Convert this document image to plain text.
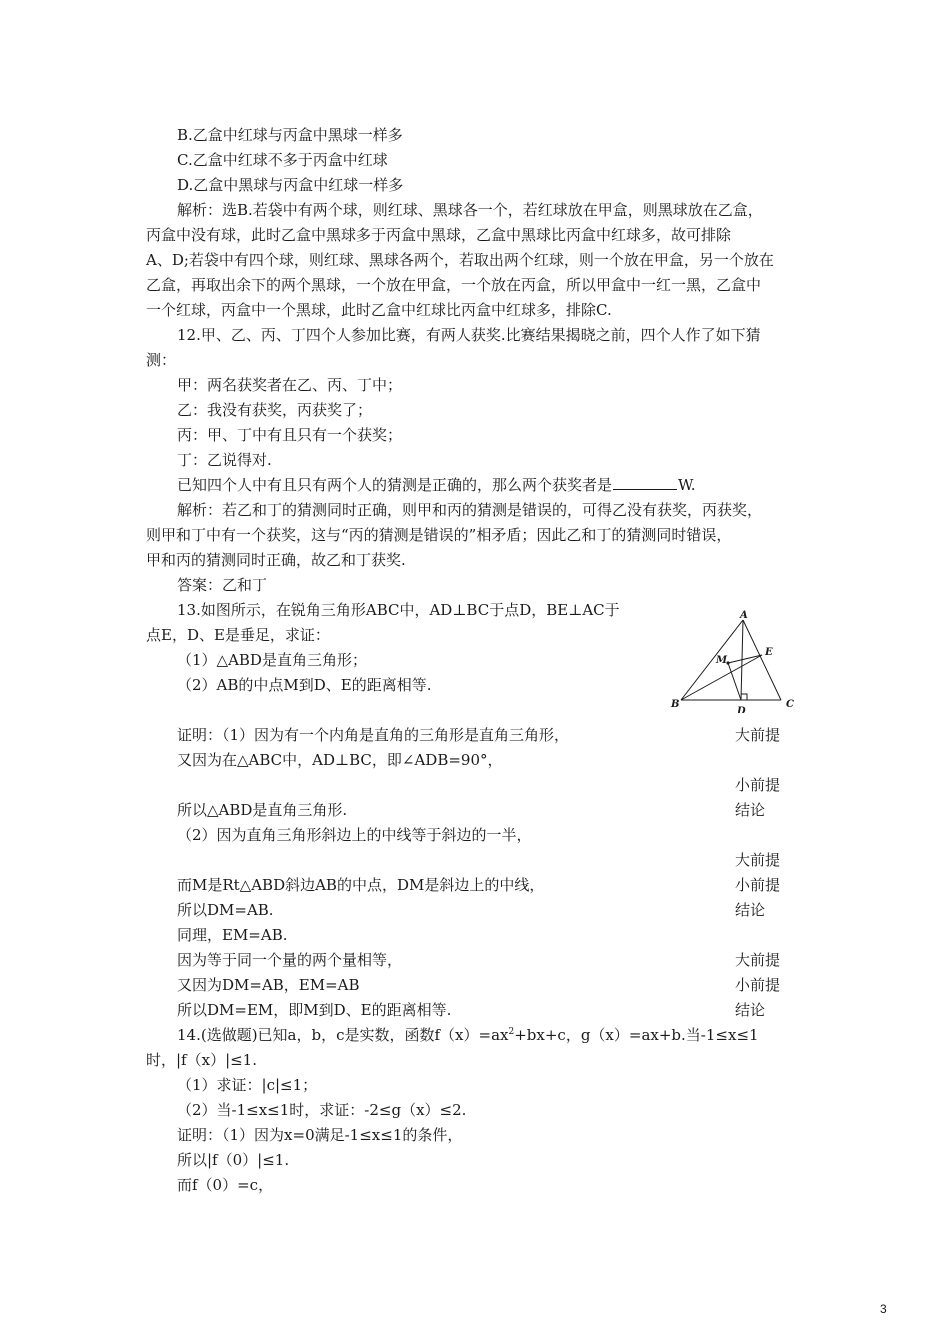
B.乙盒中红球与丙盒中黑球一样多
C.乙盒中红球不多于丙盒中红球
D.乙盒中黑球与丙盒中红球一样多
解析：选B.若袋中有两个球，则红球、黑球各一个，若红球放在甲盒，则黑球放在乙盒，
丙盒中没有球，此时乙盒中黑球多于丙盒中黑球，乙盒中黑球比丙盒中红球多，故可排除
A、D;若袋中有四个球，则红球、黑球各两个，若取出两个红球，则一个放在甲盒，另一个放在
乙盒，再取出余下的两个黑球，一个放在甲盒，一个放在丙盒，所以甲盒中一红一黑，乙盒中
一个红球，丙盒中一个黑球，此时乙盒中红球比丙盒中红球多，排除C.
12.甲、乙、丙、丁四个人参加比赛，有两人获奖.比赛结果揭晓之前，四个人作了如下猜
测：
甲：两名获奖者在乙、丙、丁中；
乙：我没有获奖，丙获奖了；
丙：甲、丁中有且只有一个获奖；
丁：乙说得对.
已知四个人中有且只有两个人的猜测是正确的，那么两个获奖者是	W.
解析：若乙和丁的猜测同时正确，则甲和丙的猜测是错误的，可得乙没有获奖，丙获奖，
则甲和丁中有一个获奖，这与“丙的猜测是错误的”相矛盾；因此乙和丁的猜测同时错误，
甲和丙的猜测同时正确，故乙和丁获奖.
答案：乙和丁
13.如图所示，在锐角三角形ABC中，AD⊥BC于点D，BE⊥AC于
点E，D、E是垂足，求证：
（1）△ABD是直角三角形；
（2）AB的中点M到D、E的距离相等.
A
B	C
D
E
M
证明：（1）因为有一个内角是直角的三角形是直角三角形，	大前提
又因为在△ABC中，AD⊥BC，即∠ADB=90°，
小前提
所以△ABD是直角三角形.	结论
（2）因为直角三角形斜边上的中线等于斜边的一半，
大前提
而M是Rt△ABD斜边AB的中点，DM是斜边上的中线，	小前提
所以DM=AB.	结论
同理，EM=AB.
因为等于同一个量的两个量相等，	大前提
又因为DM=AB，EM=AB	小前提
所以DM=EM，即M到D、E的距离相等.	结论
14.(选做题)已知a，b，c是实数，函数$f(x)=ax^2+bx+c$，g（x）=ax+b.当-1≤x≤1
时，|f（x）|≤1.
（1）求证：|c|≤1；
（2）当-1≤x≤1时，求证：-2≤g（x）≤2.
证明：（1）因为x=0满足-1≤x≤1的条件，
所以|f（0）|≤1.
而f（0）=c，
3
